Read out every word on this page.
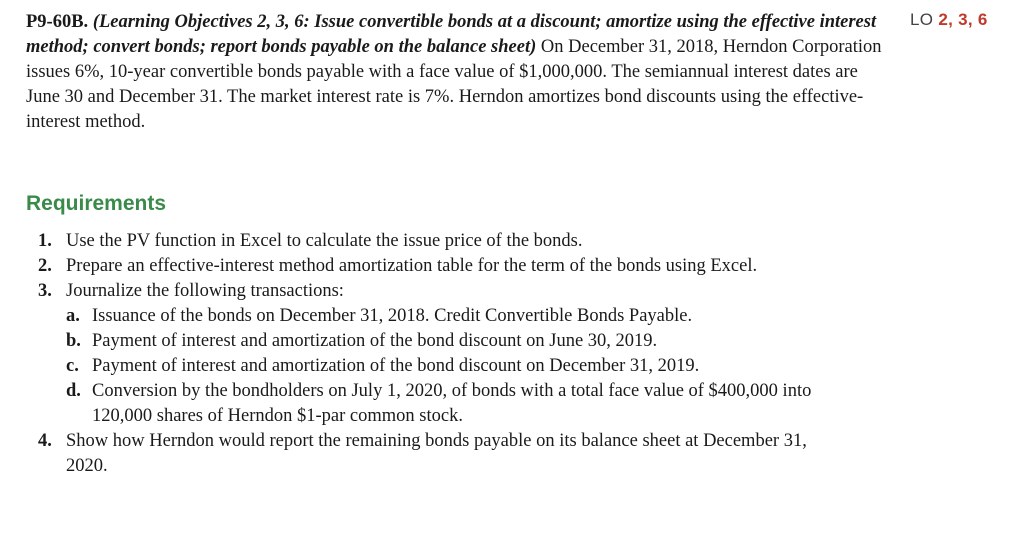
LO 2, 3, 6
P9-60B. (Learning Objectives 2, 3, 6: Issue convertible bonds at a discount; amortize using the effective interest method; convert bonds; report bonds payable on the balance sheet) On December 31, 2018, Herndon Corporation issues 6%, 10-year convertible bonds payable with a face value of $1,000,000. The semiannual interest dates are June 30 and December 31. The market interest rate is 7%. Herndon amortizes bond discounts using the effective-interest method.
Requirements
1. Use the PV function in Excel to calculate the issue price of the bonds.
2. Prepare an effective-interest method amortization table for the term of the bonds using Excel.
3. Journalize the following transactions:
a. Issuance of the bonds on December 31, 2018. Credit Convertible Bonds Payable.
b. Payment of interest and amortization of the bond discount on June 30, 2019.
c. Payment of interest and amortization of the bond discount on December 31, 2019.
d. Conversion by the bondholders on July 1, 2020, of bonds with a total face value of $400,000 into 120,000 shares of Herndon $1-par common stock.
4. Show how Herndon would report the remaining bonds payable on its balance sheet at December 31, 2020.
